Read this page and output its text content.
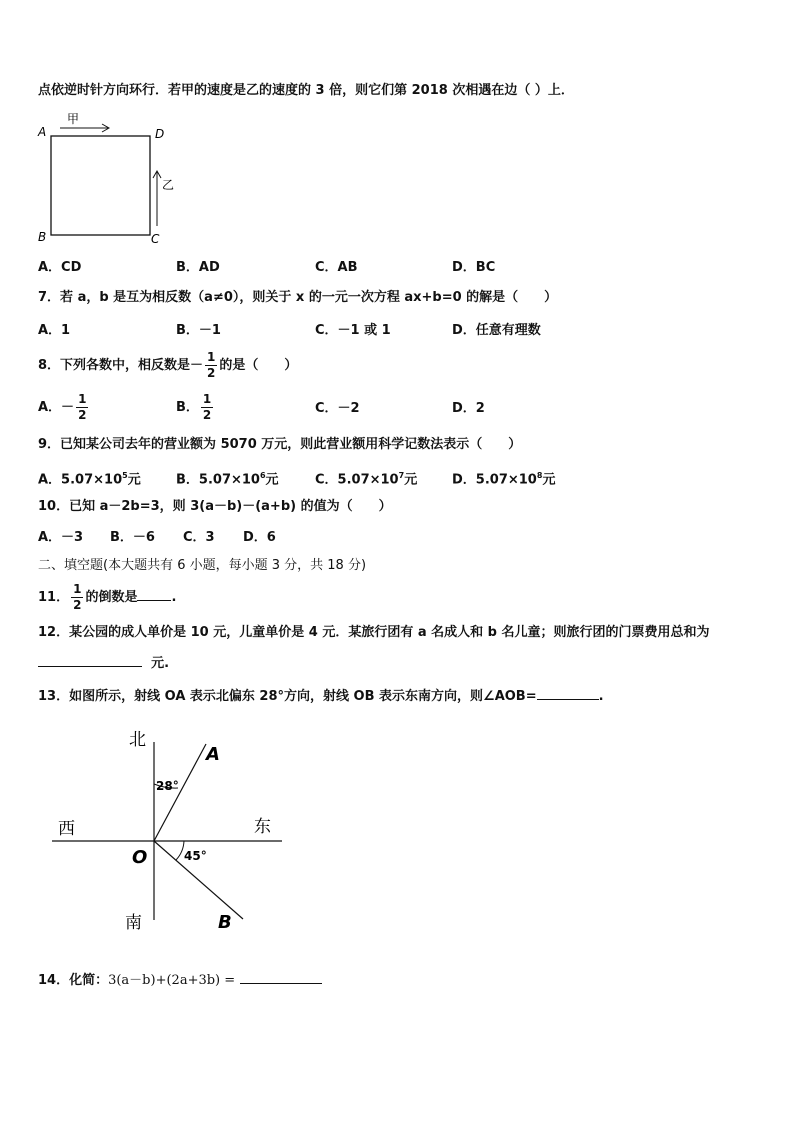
点依逆时针方向环行．若甲的速度是乙的速度的 3 倍，则它们第 2018 次相遇在边（ ）上．
A
B	C
D
甲
乙
A．CD	B．AD	C．AB	D．BC
7．若 a，b 是互为相反数（a≠0），则关于 x 的一元一次方程 ax+b=0 的解是（　　）
A．1	B．－1	C．－1 或 1	D．任意有理数
8．下列各数中，相反数是－ $\frac{1}{2}$ 的是（　　）
A．－ $\frac{1}{2}$	B． $\frac{1}{2}$	C．－2	D．2
9．已知某公司去年的营业额为 5070 万元，则此营业额用科学记数法表示（　　）
A．$5.07\times 10^5$元	B．$5.07\times 10^6$元	C．$5.07\times 10^7$元	D．$5.07\times 10^8$元
10．已知 a－2b=3，则 3(a－b)－(a+b) 的值为（　　）
A．－3 B．－6 C．3 D．6
二、填空题(本大题共有 6 小题，每小题 3 分，共 18 分)
11． $\frac{1}{2}$ 的倒数是	.
12．某公园的成人单价是 10 元，儿童单价是 4 元．某旅行团有 a 名成人和 b 名儿童；则旅行团的门票费用总和为
元.
13．如图所示，射线 OA 表示北偏东 28°方向，射线 OB 表示东南方向，则∠AOB=	.
北
南
东
西
O
A
B
28°
45°
14．化简：3(a－b)+(2a+3b) =
